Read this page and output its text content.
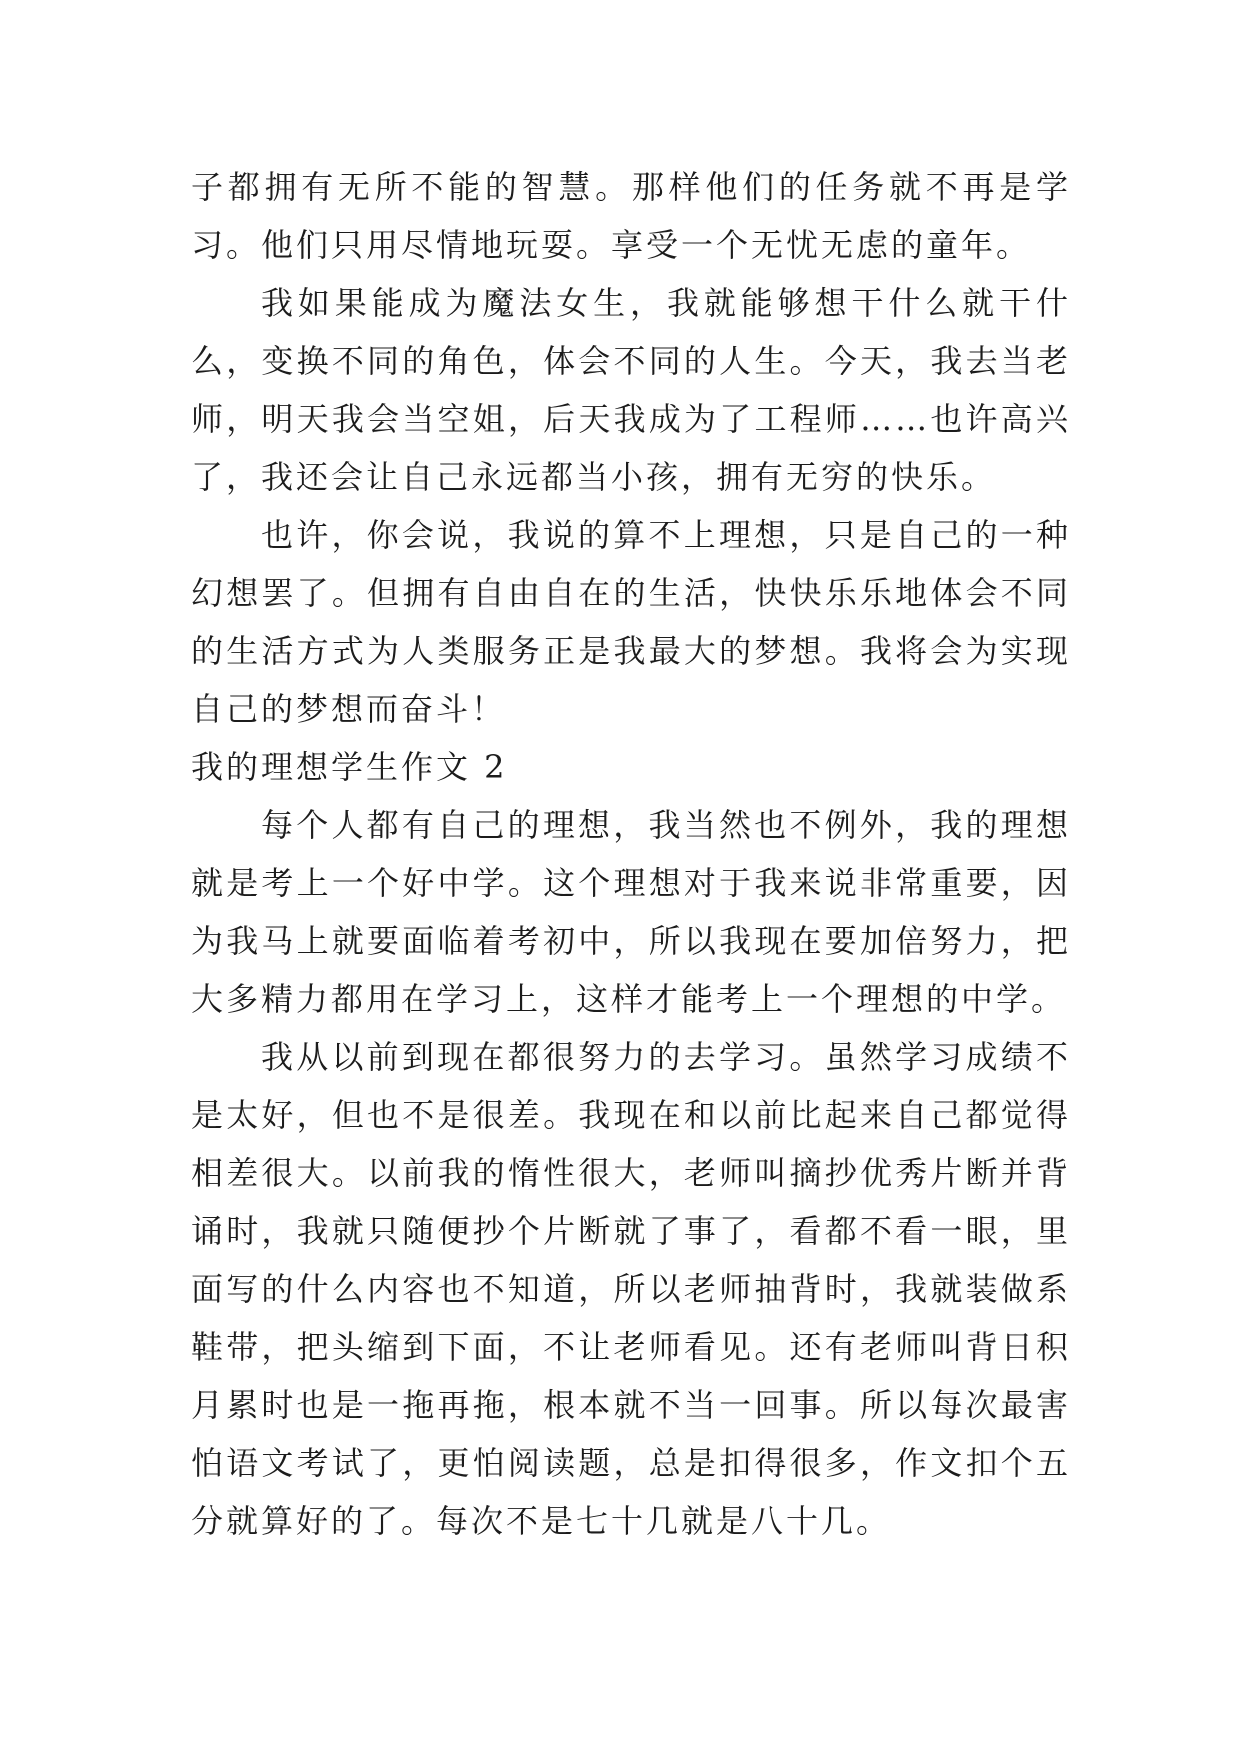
子都拥有无所不能的智慧。那样他们的任务就不再是学习。他们只用尽情地玩耍。享受一个无忧无虑的童年。

我如果能成为魔法女生，我就能够想干什么就干什么，变换不同的角色，体会不同的人生。今天，我去当老师，明天我会当空姐，后天我成为了工程师……也许高兴了，我还会让自己永远都当小孩，拥有无穷的快乐。

也许，你会说，我说的算不上理想，只是自己的一种幻想罢了。但拥有自由自在的生活，快快乐乐地体会不同的生活方式为人类服务正是我最大的梦想。我将会为实现自己的梦想而奋斗！

我的理想学生作文 2

每个人都有自己的理想，我当然也不例外，我的理想就是考上一个好中学。这个理想对于我来说非常重要，因为我马上就要面临着考初中，所以我现在要加倍努力，把大多精力都用在学习上，这样才能考上一个理想的中学。

我从以前到现在都很努力的去学习。虽然学习成绩不是太好，但也不是很差。我现在和以前比起来自己都觉得相差很大。以前我的惰性很大，老师叫摘抄优秀片断并背诵时，我就只随便抄个片断就了事了，看都不看一眼，里面写的什么内容也不知道，所以老师抽背时，我就装做系鞋带，把头缩到下面，不让老师看见。还有老师叫背日积月累时也是一拖再拖，根本就不当一回事。所以每次最害怕语文考试了，更怕阅读题，总是扣得很多，作文扣个五分就算好的了。每次不是七十几就是八十几。
